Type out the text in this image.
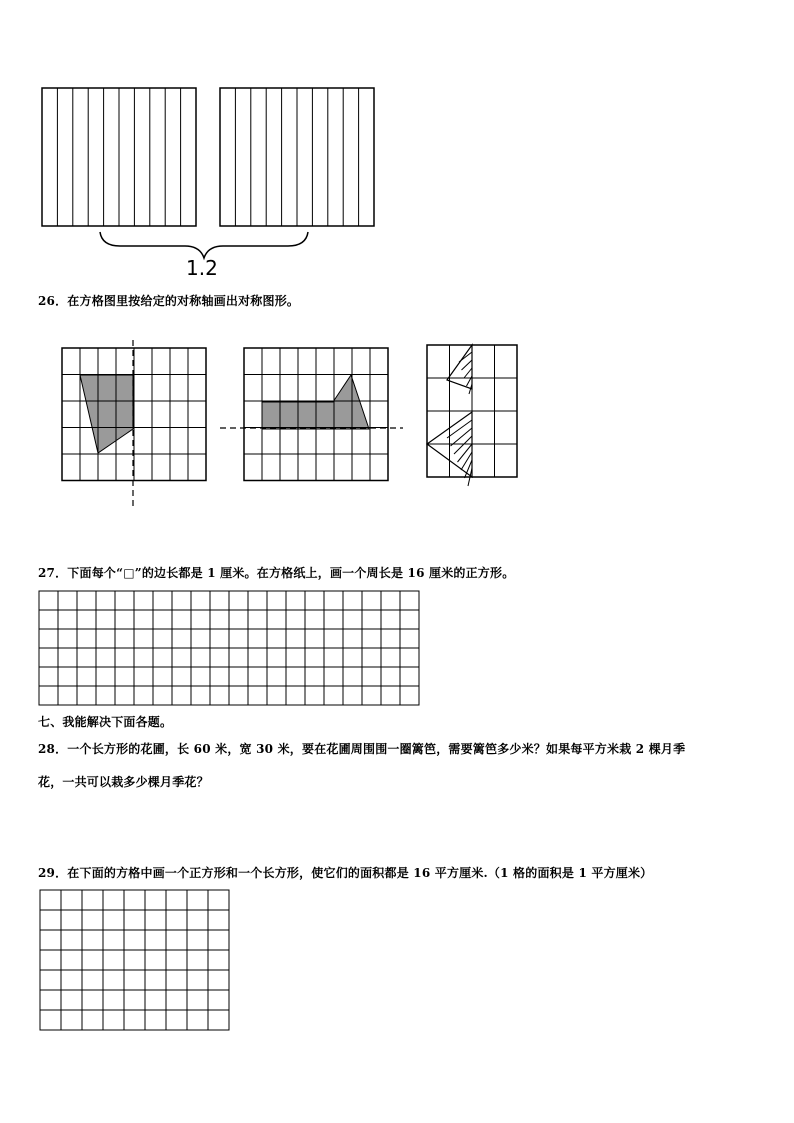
1.2
26．在方格图里按给定的对称轴画出对称图形。
27．下面每个“□”的边长都是 1 厘米。在方格纸上，画一个周长是 16 厘米的正方形。
七、我能解决下面各题。
28．一个长方形的花圃，长 60 米，宽 30 米，要在花圃周围围一圈篱笆，需要篱笆多少米？如果每平方米栽 2 棵月季
花，一共可以栽多少棵月季花？
29．在下面的方格中画一个正方形和一个长方形，使它们的面积都是 16 平方厘米.（1 格的面积是 1 平方厘米）
